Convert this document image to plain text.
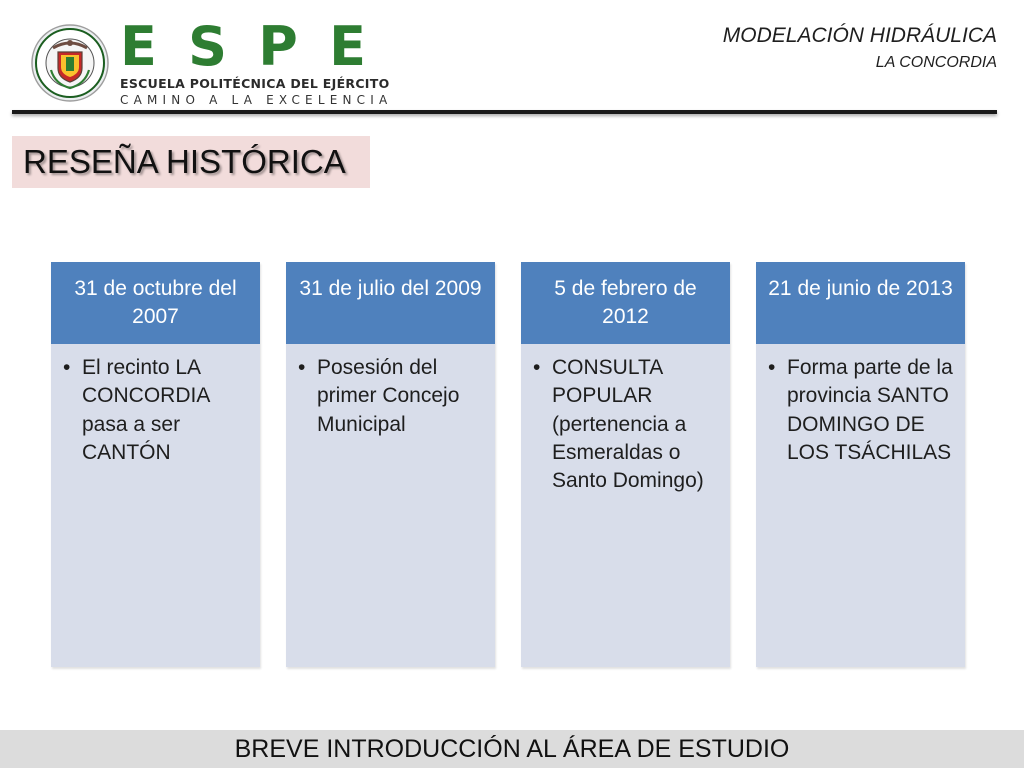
E S P E
ESCUELA POLITÉCNICA DEL EJÉRCITO
CAMINO A LA EXCELENCIA
MODELACIÓN HIDRÁULICA
LA CONCORDIA
RESEÑA HISTÓRICA
31 de octubre del 2007
• El recinto LA CONCORDIA pasa a ser CANTÓN
31 de julio del 2009
• Posesión del primer Concejo Municipal
5 de febrero de 2012
• CONSULTA POPULAR (pertenencia a Esmeraldas o Santo Domingo)
21 de junio de 2013
• Forma parte de la provincia SANTO DOMINGO DE LOS TSÁCHILAS
BREVE INTRODUCCIÓN AL ÁREA DE ESTUDIO
